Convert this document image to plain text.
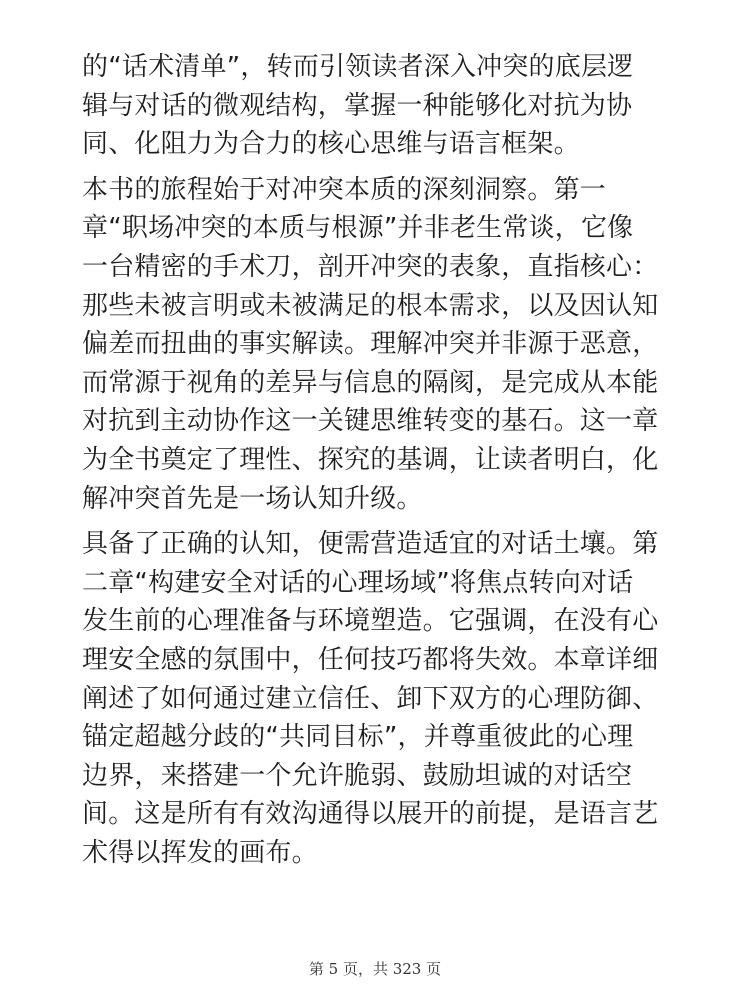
的“话术清单”，转而引领读者深入冲突的底层逻
辑与对话的微观结构，掌握一种能够化对抗为协
同、化阻力为合力的核心思维与语言框架。
本书的旅程始于对冲突本质的深刻洞察。第一
章“职场冲突的本质与根源”并非老生常谈，它像
一台精密的手术刀，剖开冲突的表象，直指核心：
那些未被言明或未被满足的根本需求，以及因认知
偏差而扭曲的事实解读。理解冲突并非源于恶意，
而常源于视角的差异与信息的隔阂，是完成从本能
对抗到主动协作这一关键思维转变的基石。这一章
为全书奠定了理性、探究的基调，让读者明白，化
解冲突首先是一场认知升级。
具备了正确的认知，便需营造适宜的对话土壤。第
二章“构建安全对话的心理场域”将焦点转向对话
发生前的心理准备与环境塑造。它强调，在没有心
理安全感的氛围中，任何技巧都将失效。本章详细
阐述了如何通过建立信任、卸下双方的心理防御、
锚定超越分歧的“共同目标”，并尊重彼此的心理
边界，来搭建一个允许脆弱、鼓励坦诚的对话空
间。这是所有有效沟通得以展开的前提，是语言艺
术得以挥发的画布。
第 5 页，共 323 页
